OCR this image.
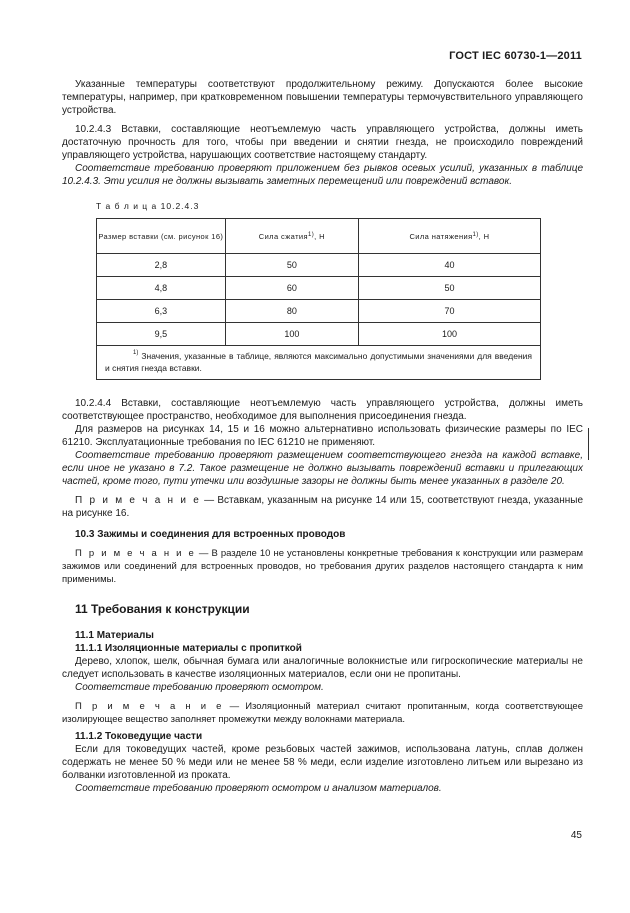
ГОСТ IEC 60730-1—2011

Указанные температуры соответствуют продолжительному режиму. Допускаются более высокие температуры, например, при кратковременном повышении температуры термочувствительного управляющего устройства.

10.2.4.3 Вставки, составляющие неотъемлемую часть управляющего устройства, должны иметь достаточную прочность для того, чтобы при введении и снятии гнезда, не происходило повреждений управляющего устройства, нарушающих соответствие настоящему стандарту.

Соответствие требованию проверяют приложением без рывков осевых усилий, указанных в таблице 10.2.4.3. Эти усилия не должны вызывать заметных перемещений или повреждений вставок.

Т а б л и ц а 10.2.4.3
Размер вставки (см. рисунок 16)	Сила сжатия$^{1)}$, Н	Сила натяжения$^{1)}$, Н
2,8	50	40
4,8	60	50
6,3	80	70
9,5	100	100
$^{1)}$ Значения, указанные в таблице, являются максимально допустимыми значениями для введения и снятия гнезда вставки.		

10.2.4.4 Вставки, составляющие неотъемлемую часть управляющего устройства, должны иметь соответствующее пространство, необходимое для выполнения присоединения гнезда.

Для размеров на рисунках 14, 15 и 16 можно альтернативно использовать физические размеры по IEC 61210. Эксплуатационные требования по IEC 61210 не применяют.

Соответствие требованию проверяют размещением соответствующего гнезда на каждой вставке, если иное не указано в 7.2. Такое размещение не должно вызывать повреждений вставки и прилегающих частей, кроме того, пути утечки или воздушные зазоры не должны быть менее указанных в разделе 20.

П р и м е ч а н и е — Вставкам, указанным на рисунке 14 или 15, соответствуют гнезда, указанные на рисунке 16.

10.3 Зажимы и соединения для встроенных проводов

П р и м е ч а н и е — В разделе 10 не установлены конкретные требования к конструкции или размерам зажимов или соединений для встроенных проводов, но требования других разделов настоящего стандарта к ним применимы.

11 Требования к конструкции

11.1 Материалы

11.1.1 Изоляционные материалы с пропиткой

Дерево, хлопок, шелк, обычная бумага или аналогичные волокнистые или гигроскопические материалы не следует использовать в качестве изоляционных материалов, если они не пропитаны.

Соответствие требованию проверяют осмотром.

П р и м е ч а н и е — Изоляционный материал считают пропитанным, когда соответствующее изолирующее вещество заполняет промежутки между волокнами материала.

11.1.2 Токоведущие части

Если для токоведущих частей, кроме резьбовых частей зажимов, использована латунь, сплав должен содержать не менее 50 % меди или не менее 58 % меди, если изделие изготовлено литьем или вырезано из болванки изготовленной из проката.

Соответствие требованию проверяют осмотром и анализом материалов.

45
